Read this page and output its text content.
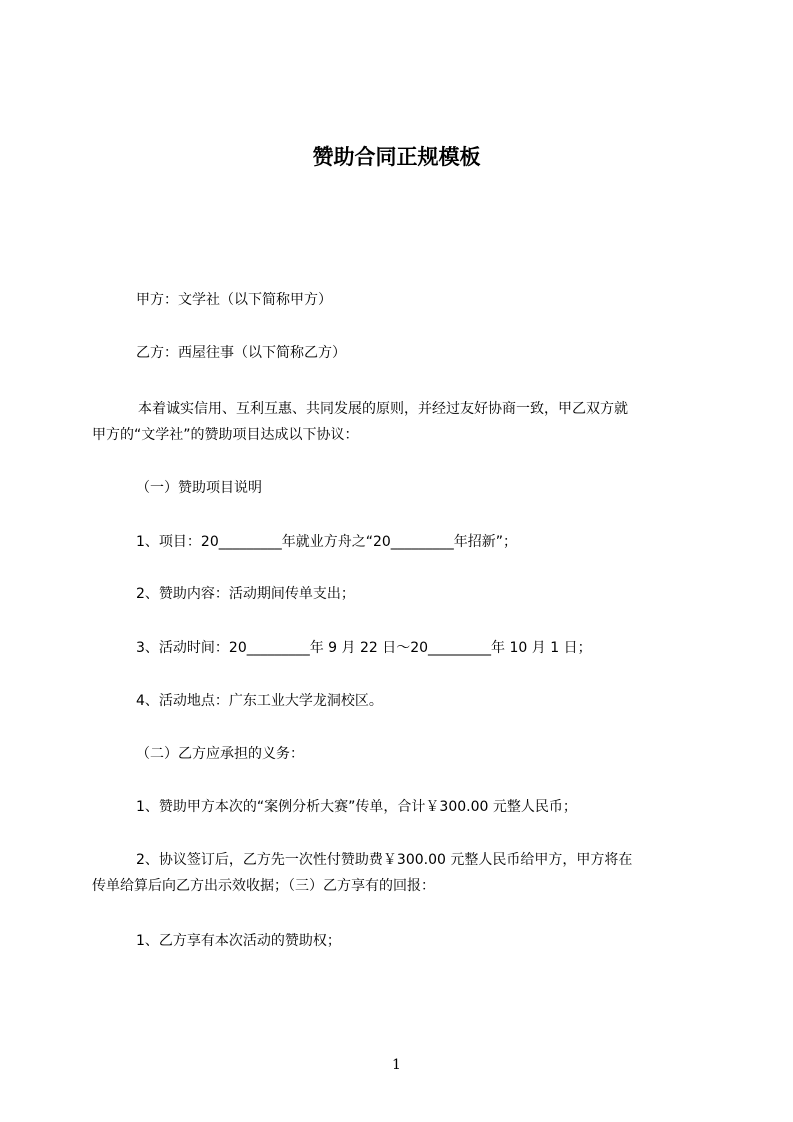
赞助合同正规模板
甲方：文学社（以下简称甲方）
乙方：西屋往事（以下简称乙方）
本着诚实信用、互利互惠、共同发展的原则，并经过友好协商一致，甲乙双方就
甲方的“文学社”的赞助项目达成以下协议：
（一）赞助项目说明
1、项目：20_________年就业方舟之“20_________年招新”；
2、赞助内容：活动期间传单支出；
3、活动时间：20_________年 9 月 22 日～20_________年 10 月 1 日；
4、活动地点：广东工业大学龙洞校区。
（二）乙方应承担的义务：
1、赞助甲方本次的“案例分析大赛”传单，合计￥300.00 元整人民币；
2、协议签订后，乙方先一次性付赞助费￥300.00 元整人民币给甲方，甲方将在
传单给算后向乙方出示效收据；（三）乙方享有的回报：
1、乙方享有本次活动的赞助权；
1
